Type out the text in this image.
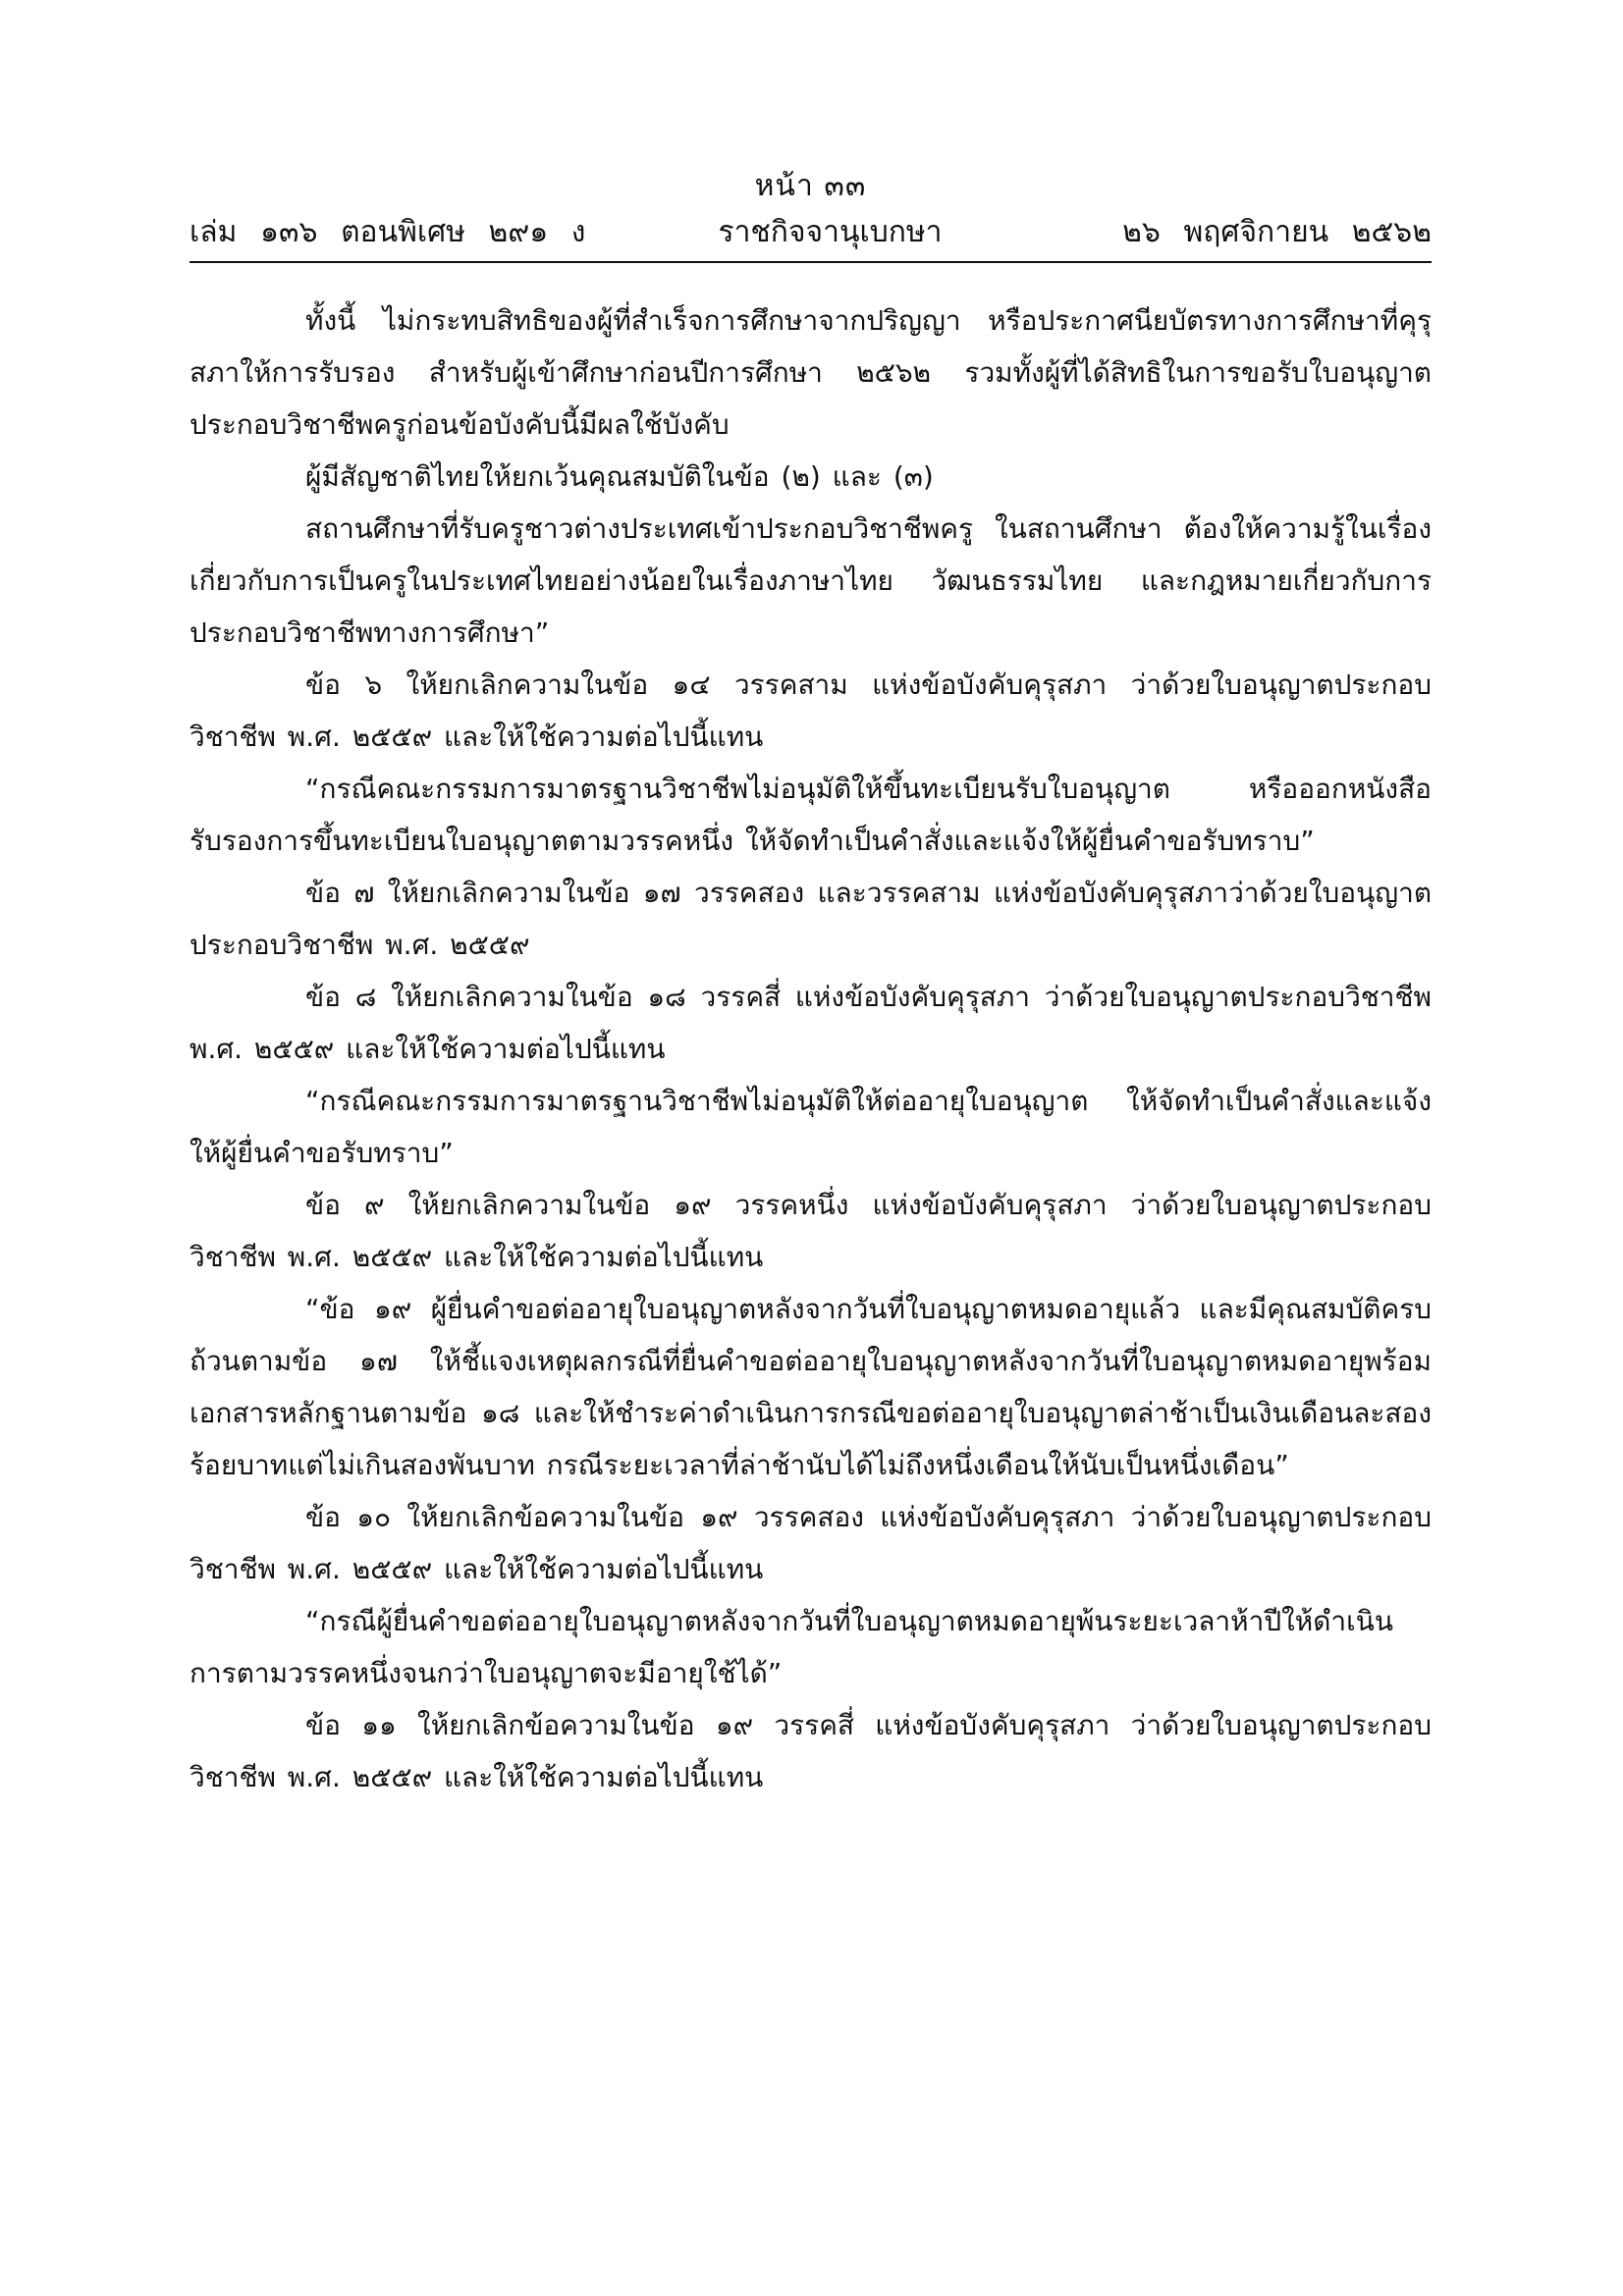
หน้า ๓๓
เล่ม ๑๓๖ ตอนพิเศษ ๒๙๑ ง	ราชกิจจานุเบกษา	๒๖ พฤศจิกายน ๒๕๖๒

ทั้งนี้ ไม่กระทบสิทธิของผู้ที่สำเร็จการศึกษาจากปริญญา หรือประกาศนียบัตรทางการศึกษาที่คุรุสภาให้การรับรอง สำหรับผู้เข้าศึกษาก่อนปีการศึกษา ๒๕๖๒ รวมทั้งผู้ที่ได้สิทธิในการขอรับใบอนุญาตประกอบวิชาชีพครูก่อนข้อบังคับนี้มีผลใช้บังคับ

ผู้มีสัญชาติไทยให้ยกเว้นคุณสมบัติในข้อ (๒) และ (๓)

สถานศึกษาที่รับครูชาวต่างประเทศเข้าประกอบวิชาชีพครู ในสถานศึกษา ต้องให้ความรู้ในเรื่องเกี่ยวกับการเป็นครูในประเทศไทยอย่างน้อยในเรื่องภาษาไทย วัฒนธรรมไทย และกฎหมายเกี่ยวกับการประกอบวิชาชีพทางการศึกษา”

ข้อ ๖ ให้ยกเลิกความในข้อ ๑๔ วรรคสาม แห่งข้อบังคับคุรุสภา ว่าด้วยใบอนุญาตประกอบวิชาชีพ พ.ศ. ๒๕๕๙ และให้ใช้ความต่อไปนี้แทน

“กรณีคณะกรรมการมาตรฐานวิชาชีพไม่อนุมัติให้ขึ้นทะเบียนรับใบอนุญาต หรือออกหนังสือรับรองการขึ้นทะเบียนใบอนุญาตตามวรรคหนึ่ง ให้จัดทำเป็นคำสั่งและแจ้งให้ผู้ยื่นคำขอรับทราบ”

ข้อ ๗ ให้ยกเลิกความในข้อ ๑๗ วรรคสอง และวรรคสาม แห่งข้อบังคับคุรุสภาว่าด้วยใบอนุญาตประกอบวิชาชีพ พ.ศ. ๒๕๕๙

ข้อ ๘ ให้ยกเลิกความในข้อ ๑๘ วรรคสี่ แห่งข้อบังคับคุรุสภา ว่าด้วยใบอนุญาตประกอบวิชาชีพ พ.ศ. ๒๕๕๙ และให้ใช้ความต่อไปนี้แทน

“กรณีคณะกรรมการมาตรฐานวิชาชีพไม่อนุมัติให้ต่ออายุใบอนุญาต ให้จัดทำเป็นคำสั่งและแจ้งให้ผู้ยื่นคำขอรับทราบ”

ข้อ ๙ ให้ยกเลิกความในข้อ ๑๙ วรรคหนึ่ง แห่งข้อบังคับคุรุสภา ว่าด้วยใบอนุญาตประกอบวิชาชีพ พ.ศ. ๒๕๕๙ และให้ใช้ความต่อไปนี้แทน

“ข้อ ๑๙ ผู้ยื่นคำขอต่ออายุใบอนุญาตหลังจากวันที่ใบอนุญาตหมดอายุแล้ว และมีคุณสมบัติครบถ้วนตามข้อ ๑๗ ให้ชี้แจงเหตุผลกรณีที่ยื่นคำขอต่ออายุใบอนุญาตหลังจากวันที่ใบอนุญาตหมดอายุพร้อมเอกสารหลักฐานตามข้อ ๑๘ และให้ชำระค่าดำเนินการกรณีขอต่ออายุใบอนุญาตล่าช้าเป็นเงินเดือนละสองร้อยบาทแต่ไม่เกินสองพันบาท กรณีระยะเวลาที่ล่าช้านับได้ไม่ถึงหนึ่งเดือนให้นับเป็นหนึ่งเดือน”

ข้อ ๑๐ ให้ยกเลิกข้อความในข้อ ๑๙ วรรคสอง แห่งข้อบังคับคุรุสภา ว่าด้วยใบอนุญาตประกอบวิชาชีพ พ.ศ. ๒๕๕๙ และให้ใช้ความต่อไปนี้แทน

“กรณีผู้ยื่นคำขอต่ออายุใบอนุญาตหลังจากวันที่ใบอนุญาตหมดอายุพ้นระยะเวลาห้าปีให้ดำเนินการตามวรรคหนึ่งจนกว่าใบอนุญาตจะมีอายุใช้ได้”

ข้อ ๑๑ ให้ยกเลิกข้อความในข้อ ๑๙ วรรคสี่ แห่งข้อบังคับคุรุสภา ว่าด้วยใบอนุญาตประกอบวิชาชีพ พ.ศ. ๒๕๕๙ และให้ใช้ความต่อไปนี้แทน
